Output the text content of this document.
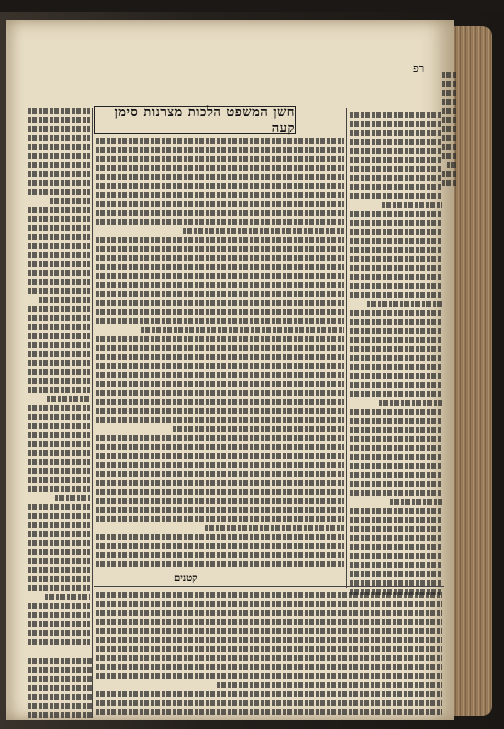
רפ
חשן המשפט הלכות מצרנות סימן קעה
קטנים
